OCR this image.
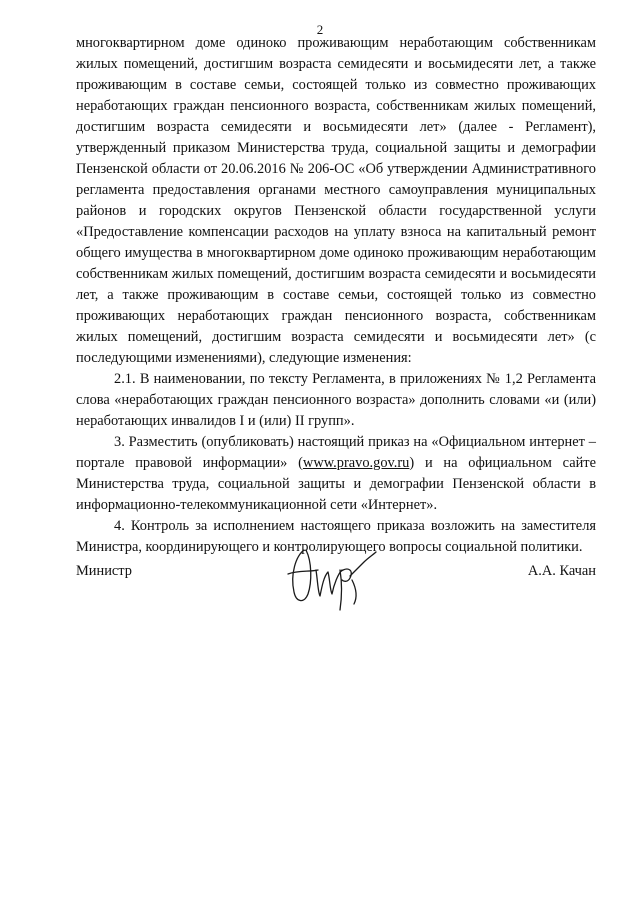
2

многоквартирном доме одиноко проживающим неработающим собственникам жилых помещений, достигшим возраста семидесяти и восьмидесяти лет, а также проживающим в составе семьи, состоящей только из совместно проживающих неработающих граждан пенсионного возраста, собственникам жилых помещений, достигшим возраста семидесяти и восьмидесяти лет» (далее - Регламент), утвержденный приказом Министерства труда, социальной защиты и демографии Пензенской области от 20.06.2016 № 206-ОС «Об утверждении Административного регламента предоставления органами местного самоуправления муниципальных районов и городских округов Пензенской области государственной услуги «Предоставление компенсации расходов на уплату взноса на капитальный ремонт общего имущества в многоквартирном доме одиноко проживающим неработающим собственникам жилых помещений, достигшим возраста семидесяти и восьмидесяти лет, а также проживающим в составе семьи, состоящей только из совместно проживающих неработающих граждан пенсионного возраста, собственникам жилых помещений, достигшим возраста семидесяти и восьмидесяти лет» (с последующими изменениями), следующие изменения:

2.1. В наименовании, по тексту Регламента, в приложениях № 1,2 Регламента слова «неработающих граждан пенсионного возраста» дополнить словами «и (или) неработающих инвалидов I и (или) II групп».

3. Разместить (опубликовать) настоящий приказ на «Официальном интернет – портале правовой информации» (www.pravo.gov.ru) и на официальном сайте Министерства труда, социальной защиты и демографии Пензенской области в информационно-телекоммуникационной сети «Интернет».

4. Контроль за исполнением настоящего приказа возложить на заместителя Министра, координирующего и контролирующего вопросы социальной политики.

Министр	А.А. Качан
